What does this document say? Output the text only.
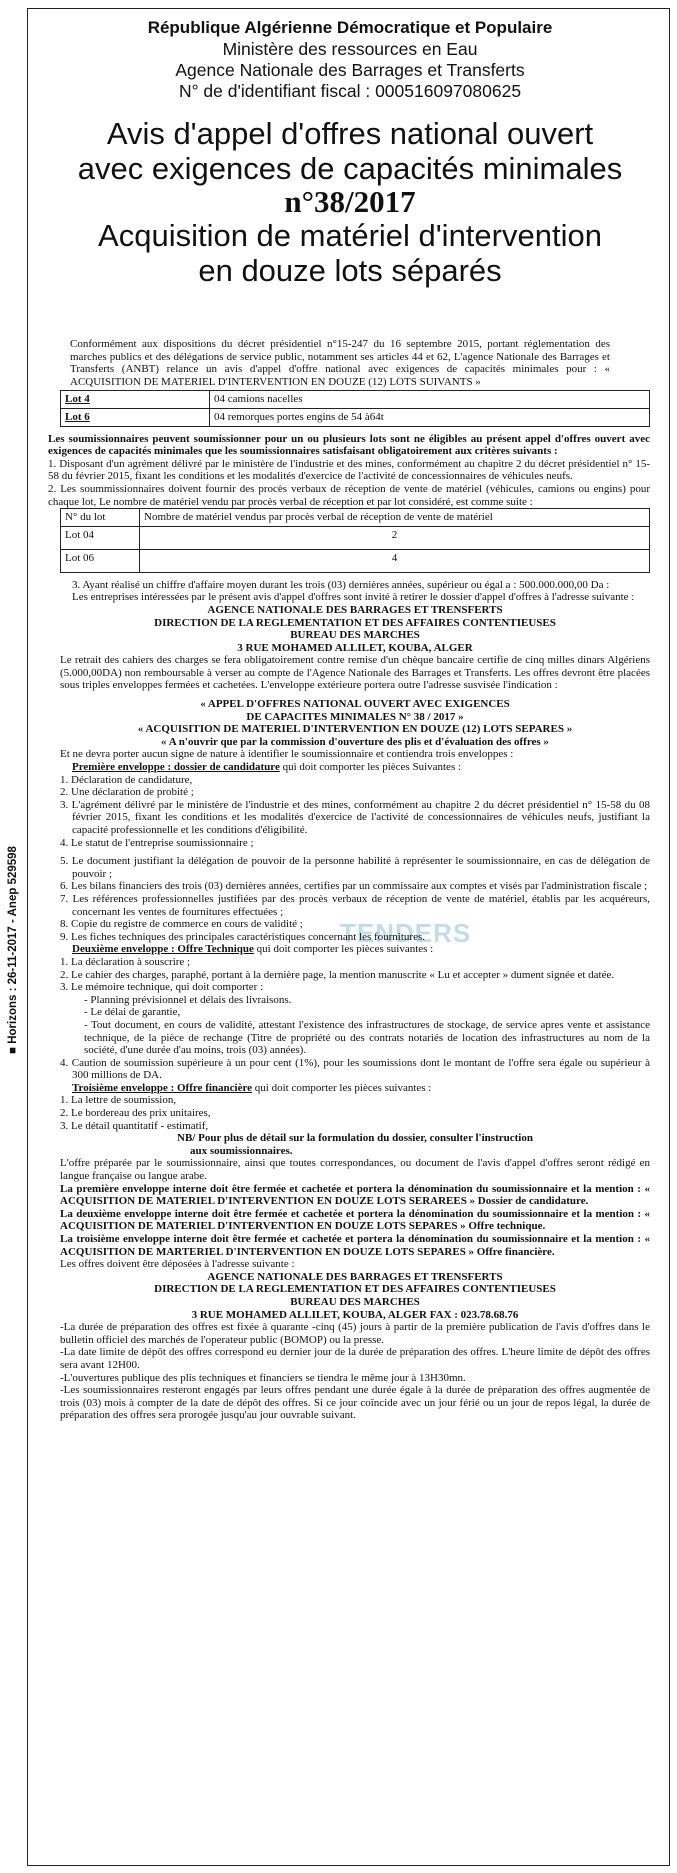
■ Horizons : 26-11-2017 - Anep 529598
République Algérienne Démocratique et Populaire
Ministère des ressources en Eau
Agence Nationale des Barrages et Transferts
N° de d'identifiant fiscal : 000516097080625
Avis d'appel d'offres national ouvert
avec exigences de capacités minimales
n°38/2017
Acquisition de matériel d'intervention
en douze lots séparés
TENDERS

Conformément aux dispositions du décret présidentiel n°15-247 du 16 septembre 2015, portant réglementation des marches publics et des délégations de service public, notamment ses articles 44 et 62, L'agence Nationale des Barrages et Transferts (ANBT) relance un avis d'appel d'offre national avec exigences de capacités minimales pour : « ACQUISITION DE MATERIEL D'INTERVENTION EN DOUZE (12) LOTS SUIVANTS »

Lot 4	04 camions nacelles
Lot 6	04 remorques portes engins de 54 à64t

Les soumissionnaires peuvent soumissionner pour un ou plusieurs lots sont ne éligibles au présent appel d'offres ouvert avec exigences de capacités minimales que les soumissionnaires satisfaisant obligatoirement aux critères suivants :

1. Disposant d'un agrément délivré par le ministère de l'industrie et des mines, conformément au chapitre 2 du décret présidentiel n° 15- 58 du février 2015, fixant les conditions et les modalités d'exercice de l'activité de concessionnaires de véhicules neufs.

2. Les soummissionnaires doivent fournir des procès verbaux de réception de vente de matériel (véhicules, camions ou engins) pour chaque lot, Le nombre de matériel vendu par procès verbal de réception et par lot considéré, est comme suite :

N° du lot	Nombre de matériel vendus par procès verbal de réception de vente de matériel
Lot 04	2
Lot 06	4

3. Ayant réalisé un chiffre d'affaire moyen durant les trois (03) dernières années, supérieur ou égal a : 500.000.000,00 Da :

Les entreprises intéressées par le présent avis d'appel d'offres sont invité à retirer le dossier d'appel d'offres à l'adresse suivante :

AGENCE NATIONALE DES BARRAGES ET TRENSFERTS

DIRECTION DE LA REGLEMENTATION ET DES AFFAIRES CONTENTIEUSES

BUREAU DES MARCHES

3 RUE MOHAMED ALLILET, KOUBA, ALGER

Le retrait des cahiers des charges se fera obligatoirement contre remise d'un chèque bancaire certifie de cinq milles dinars Algériens (5.000,00DA) non remboursable à verser au compte de l'Agence Nationale des Barrages et Transferts. Les offres devront être placées sous triples enveloppes fermées et cachetées. L'enveloppe extérieure portera outre l'adresse susvisée l'indication :

« APPEL D'OFFRES NATIONAL OUVERT AVEC EXIGENCES

DE CAPACITES MINIMALES N° 38 / 2017 »

« ACQUISITION DE MATERIEL D'INTERVENTION EN DOUZE (12) LOTS SEPARES »

« A n'ouvrir que par la commission d'ouverture des plis et d'évaluation des offres »

Et ne devra porter aucun signe de nature à identifier le soumissionnaire et contiendra trois enveloppes :

Première enveloppe : dossier de candidature qui doit comporter les pièces Suivantes :

1. Déclaration de candidature,

2. Une déclaration de probité ;

3. L'agrément délivré par le ministère de l'industrie et des mines, conformément au chapitre 2 du décret présidentiel n° 15-58 du 08 février 2015, fixant les conditions et les modalités d'exercice de l'activité de concessionnaires de véhicules neufs, justifiant la capacité professionnelle et les conditions d'éligibilité.

4. Le statut de l'entreprise soumissionnaire ;

5. Le document justifiant la délégation de pouvoir de la personne habilité à représenter le soumissionnaire, en cas de délégation de pouvoir ;

6. Les bilans financiers des trois (03) dernières années, certifies par un commissaire aux comptes et visés par l'administration fiscale ;

7. Les références professionnelles justifiées par des procès verbaux de réception de vente de matériel, établis par les acquéreurs, concernant les ventes de fournitures effectuées ;

8. Copie du registre de commerce en cours de validité ;

9. Les fiches techniques des principales caractéristiques concernant les fournitures.

Deuxième enveloppe : Offre Technique qui doit comporter les pièces suivantes :

1. La déclaration à souscrire ;

2. Le cahier des charges, paraphé, portant à la dernière page, la mention manuscrite « Lu et accepter » dument signée et datée.

3. Le mémoire technique, qui doit comporter :

- Planning prévisionnel et délais des livraisons.

- Le délai de garantie,

- Tout document, en cours de validité, attestant l'existence des infrastructures de stockage, de service apres vente et assistance technique, de la pièce de rechange (Titre de propriété ou des contrats notariés de location des infrastructures au nom de la société, d'une durée d'au moins, trois (03) années).

4. Caution de soumission supérieure à un pour cent (1%), pour les soumissions dont le montant de l'offre sera égale ou supérieur à 300 millions de DA.

Troisième enveloppe : Offre financière qui doit comporter les pièces suivantes :

1. La lettre de soumission,

2. Le bordereau des prix unitaires,

3. Le détail quantitatif - estimatif,

NB/ Pour plus de détail sur la formulation du dossier, consulter l'instruction

aux soumissionnaires.

L'offre préparée par le soumissionnaire, ainsi que toutes correspondances, ou document de l'avis d'appel d'offres seront rédigé en langue française ou langue arabe.

La première enveloppe interne doit être fermée et cachetée et portera la dénomination du soumissionnaire et la mention : « ACQUISITION DE MATERIEL D'INTERVENTION EN DOUZE LOTS SERAREES » Dossier de candidature.

La deuxième enveloppe interne doit être fermée et cachetée et portera la dénomination du soumissionnaire et la mention : « ACQUISITION DE MATERIEL D'INTERVENTION EN DOUZE LOTS SEPARES » Offre technique.

La troisième enveloppe interne doit être fermée et cachetée et portera la dénomination du soumissionnaire et la mention : « ACQUISITION DE MARTERIEL D'INTERVENTION EN DOUZE LOTS SEPARES » Offre financière.

Les offres doivent être déposées à l'adresse suivante :

AGENCE NATIONALE DES BARRAGES ET TRENSFERTS

DIRECTION DE LA REGLEMENTATION ET DES AFFAIRES CONTENTIEUSES

BUREAU DES MARCHES

3 RUE MOHAMED ALLILET, KOUBA, ALGER FAX : 023.78.68.76

-La durée de préparation des offres est fixée à quarante -cinq (45) jours à partir de la première publication de l'avis d'offres dans le bulletin officiel des marchés de l'operateur public (BOMOP) ou la presse.

-La date limite de dépôt des offres correspond eu dernier jour de la durée de préparation des offres. L'heure limite de dépôt des offres sera avant 12H00.

-L'ouvertures publique des plis techniques et financiers se tiendra le même jour à 13H30mn.

-Les soumissionnaires resteront engagés par leurs offres pendant une durée égale à la durée de préparation des offres augmentée de trois (03) mois à compter de la date de dépôt des offres. Si ce jour coïncide avec un jour férié ou un jour de repos légal, la durée de préparation des offres sera prorogée jusqu'au jour ouvrable suivant.
